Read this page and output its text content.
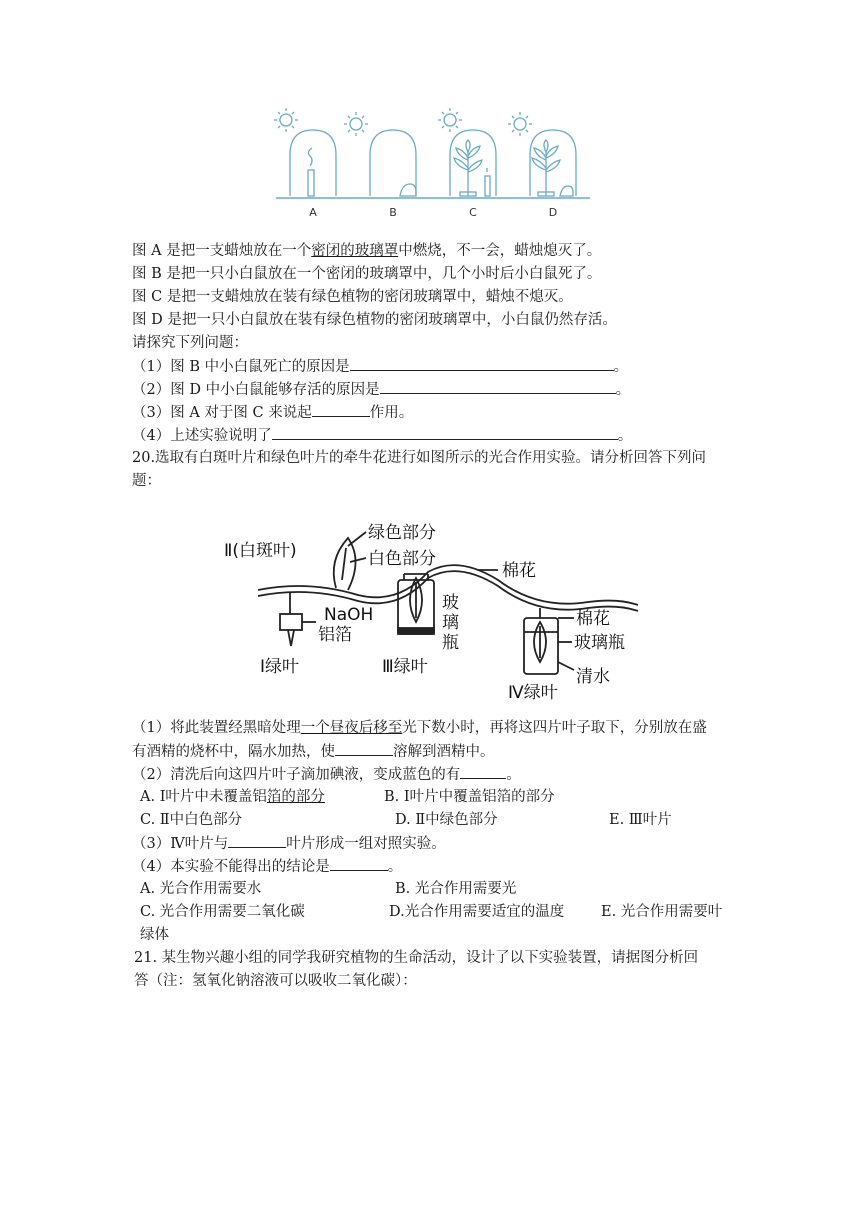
A	B	C	D
图 A 是把一支蜡烛放在一个密闭的玻璃罩中燃烧，不一会，蜡烛熄灭了。
图 B 是把一只小白鼠放在一个密闭的玻璃罩中，几个小时后小白鼠死了。
图 C 是把一支蜡烛放在装有绿色植物的密闭玻璃罩中，蜡烛不熄灭。
图 D 是把一只小白鼠放在装有绿色植物的密闭玻璃罩中，小白鼠仍然存活。
请探究下列问题：
（1）图 B 中小白鼠死亡的原因是	。
（2）图 D 中小白鼠能够存活的原因是	。
（3）图 A 对于图 C 来说起	作用。
（4）上述实验说明了	。
20.选取有白斑叶片和绿色叶片的牵牛花进行如图所示的光合作用实验。请分析回答下列问
题：
Ⅱ(白斑叶)
绿色部分
白色部分
棉花
NaOH
铝箔
玻
璃
瓶
棉花
玻璃瓶
清水
Ⅰ绿叶	Ⅲ绿叶
Ⅳ绿叶
（1）将此装置经黑暗处理一个昼夜后移至光下数小时，再将这四片叶子取下，分别放在盛
有酒精的烧杯中，隔水加热，使	溶解到酒精中。
（2）清洗后向这四片叶子滴加碘液，变成蓝色的有	。
A. Ⅰ叶片中未覆盖铝箔的部分	B. Ⅰ叶片中覆盖铝箔的部分
C. Ⅱ中白色部分	D. Ⅱ中绿色部分	E. Ⅲ叶片
（3）Ⅳ叶片与	叶片形成一组对照实验。
（4）本实验不能得出的结论是	。
A. 光合作用需要水	B. 光合作用需要光
C. 光合作用需要二氧化碳	D.光合作用需要适宜的温度	E. 光合作用需要叶
绿体
21. 某生物兴趣小组的同学我研究植物的生命活动，设计了以下实验装置，请据图分析回
答（注：氢氧化钠溶液可以吸收二氧化碳）：
